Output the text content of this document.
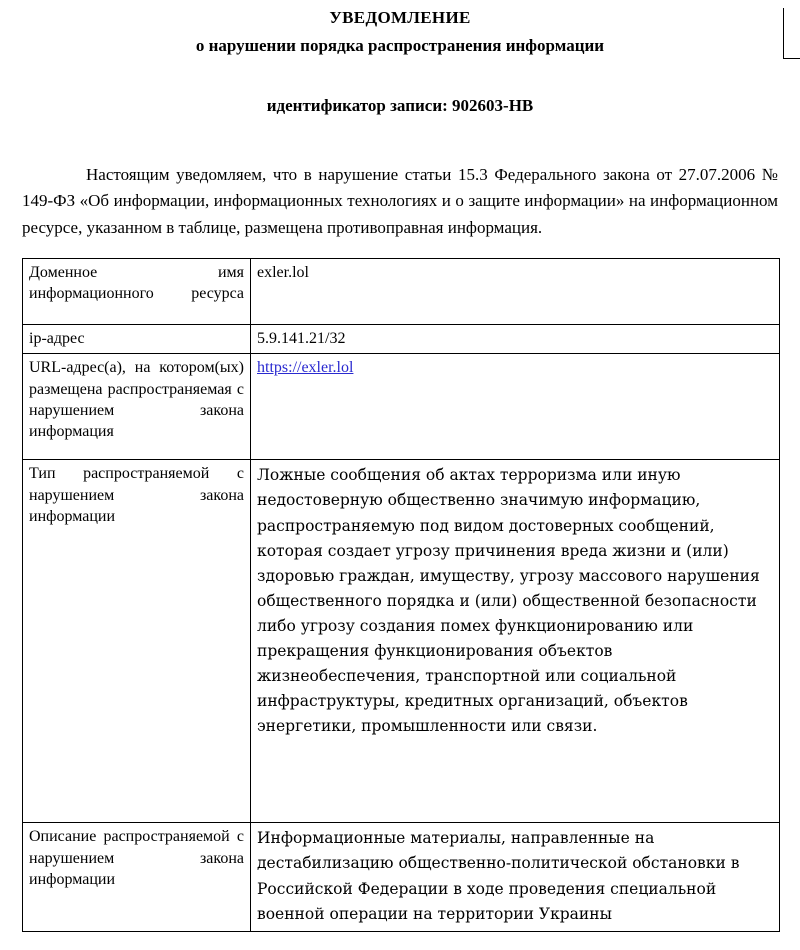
УВЕДОМЛЕНИЕ
о нарушении порядка распространения информации
идентификатор записи: 902603-НВ

Настоящим уведомляем, что в нарушение статьи 15.3 Федерального закона от 27.07.2006 № 149-ФЗ «Об информации, информационных технологиях и о защите информации» на информационном ресурсе, указанном в таблице, размещена противоправная информация.

Доменное имя информационного ресурса	exler.lol
ip-адрес	5.9.141.21/32
URL-адрес(а), на котором(ых) размещена распространяемая с нарушением закона информация	https://exler.lol
Тип распространяемой с нарушением закона информации	Ложные сообщения об актах терроризма или иную недостоверную общественно значимую информацию, распространяемую под видом достоверных сообщений, которая создает угрозу причинения вреда жизни и (или) здоровью граждан, имуществу, угрозу массового нарушения общественного порядка и (или) общественной безопасности либо угрозу создания помех функционированию или прекращения функционирования объектов жизнеобеспечения, транспортной или социальной инфраструктуры, кредитных организаций, объектов энергетики, промышленности или связи.
Описание распространяемой с нарушением закона информации	Информационные материалы, направленные на дестабилизацию общественно-политической обстановки в Российской Федерации в ходе проведения специальной военной операции на территории Украины
